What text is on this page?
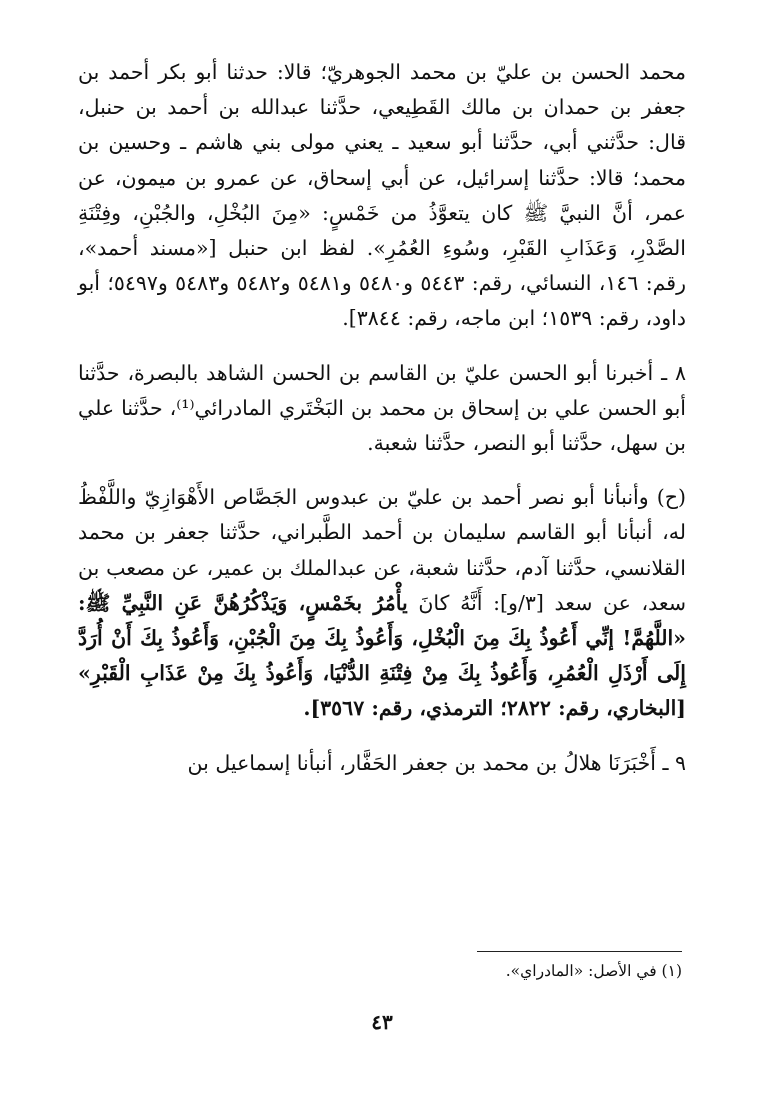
محمد الحسن بن عليّ بن محمد الجوهريّ؛ قالا: حدثنا أبو بكر أحمد بن جعفر بن حمدان بن مالك القَطِيعي، حدَّثنا عبدالله بن أحمد بن حنبل، قال: حدَّثني أبي، حدَّثنا أبو سعيد ـ يعني مولى بني هاشم ـ وحسين بن محمد؛ قالا: حدَّثنا إسرائيل، عن أبي إسحاق، عن عمرو بن ميمون، عن عمر، أنَّ النبيَّ ﷺ كان يتعوَّذُ من خَمْسٍ: «مِنَ البُخْلِ، والجُبْنِ، وفِتْنَةِ الصَّدْرِ، وَعَذَابِ القَبْرِ، وسُوءِ العُمُرِ». لفظ ابن حنبل [«مسند أحمد»، رقم: ١٤٦، النسائي، رقم: ٥٤٤٣ و٥٤٨٠ و٥٤٨١ و٥٤٨٢ و٥٤٨٣ و٥٤٩٧؛ أبو داود، رقم: ١٥٣٩؛ ابن ماجه، رقم: ٣٨٤٤].

٨ ـ أخبرنا أبو الحسن عليّ بن القاسم بن الحسن الشاهد بالبصرة، حدَّثنا أبو الحسن علي بن إسحاق بن محمد بن البَخْتَري المادرائي⁽¹⁾، حدَّثنا علي بن سهل، حدَّثنا أبو النصر، حدَّثنا شعبة.

(ح) وأنبأنا أبو نصر أحمد بن عليّ بن عبدوس الجَصَّاص الأَهْوَازِيّ واللَّفْظُ له، أنبأنا أبو القاسم سليمان بن أحمد الطَّبراني، حدَّثنا جعفر بن محمد القلانسي، حدَّثنا آدم، حدَّثنا شعبة، عن عبدالملك بن عمير، عن مصعب بن سعد، عن سعد [٣/و]: أَنَّهُ كانَ يأْمُرُ بخَمْسٍ، وَيَذْكُرُهُنَّ عَنِ النَّبِيِّ ﷺ: «اللَّهُمَّ! إنِّي أَعُوذُ بِكَ مِنَ الْبُخْلِ، وَأَعُوذُ بِكَ مِنَ الْجُبْنِ، وَأَعُوذُ بِكَ أَنْ أُرَدَّ إِلَى أَرْذَلِ الْعُمُرِ، وَأَعُوذُ بِكَ مِنْ فِتْنَةِ الدُّنْيَا، وَأَعُوذُ بِكَ مِنْ عَذَابِ الْقَبْرِ» [البخاري، رقم: ٢٨٢٢؛ الترمذي، رقم: ٣٥٦٧].

٩ ـ أَخْبَرَنَا هلالُ بن محمد بن جعفر الحَفَّار، أنبأنا إسماعيل بن

(١) في الأصل: «المادراي».
٤٣
